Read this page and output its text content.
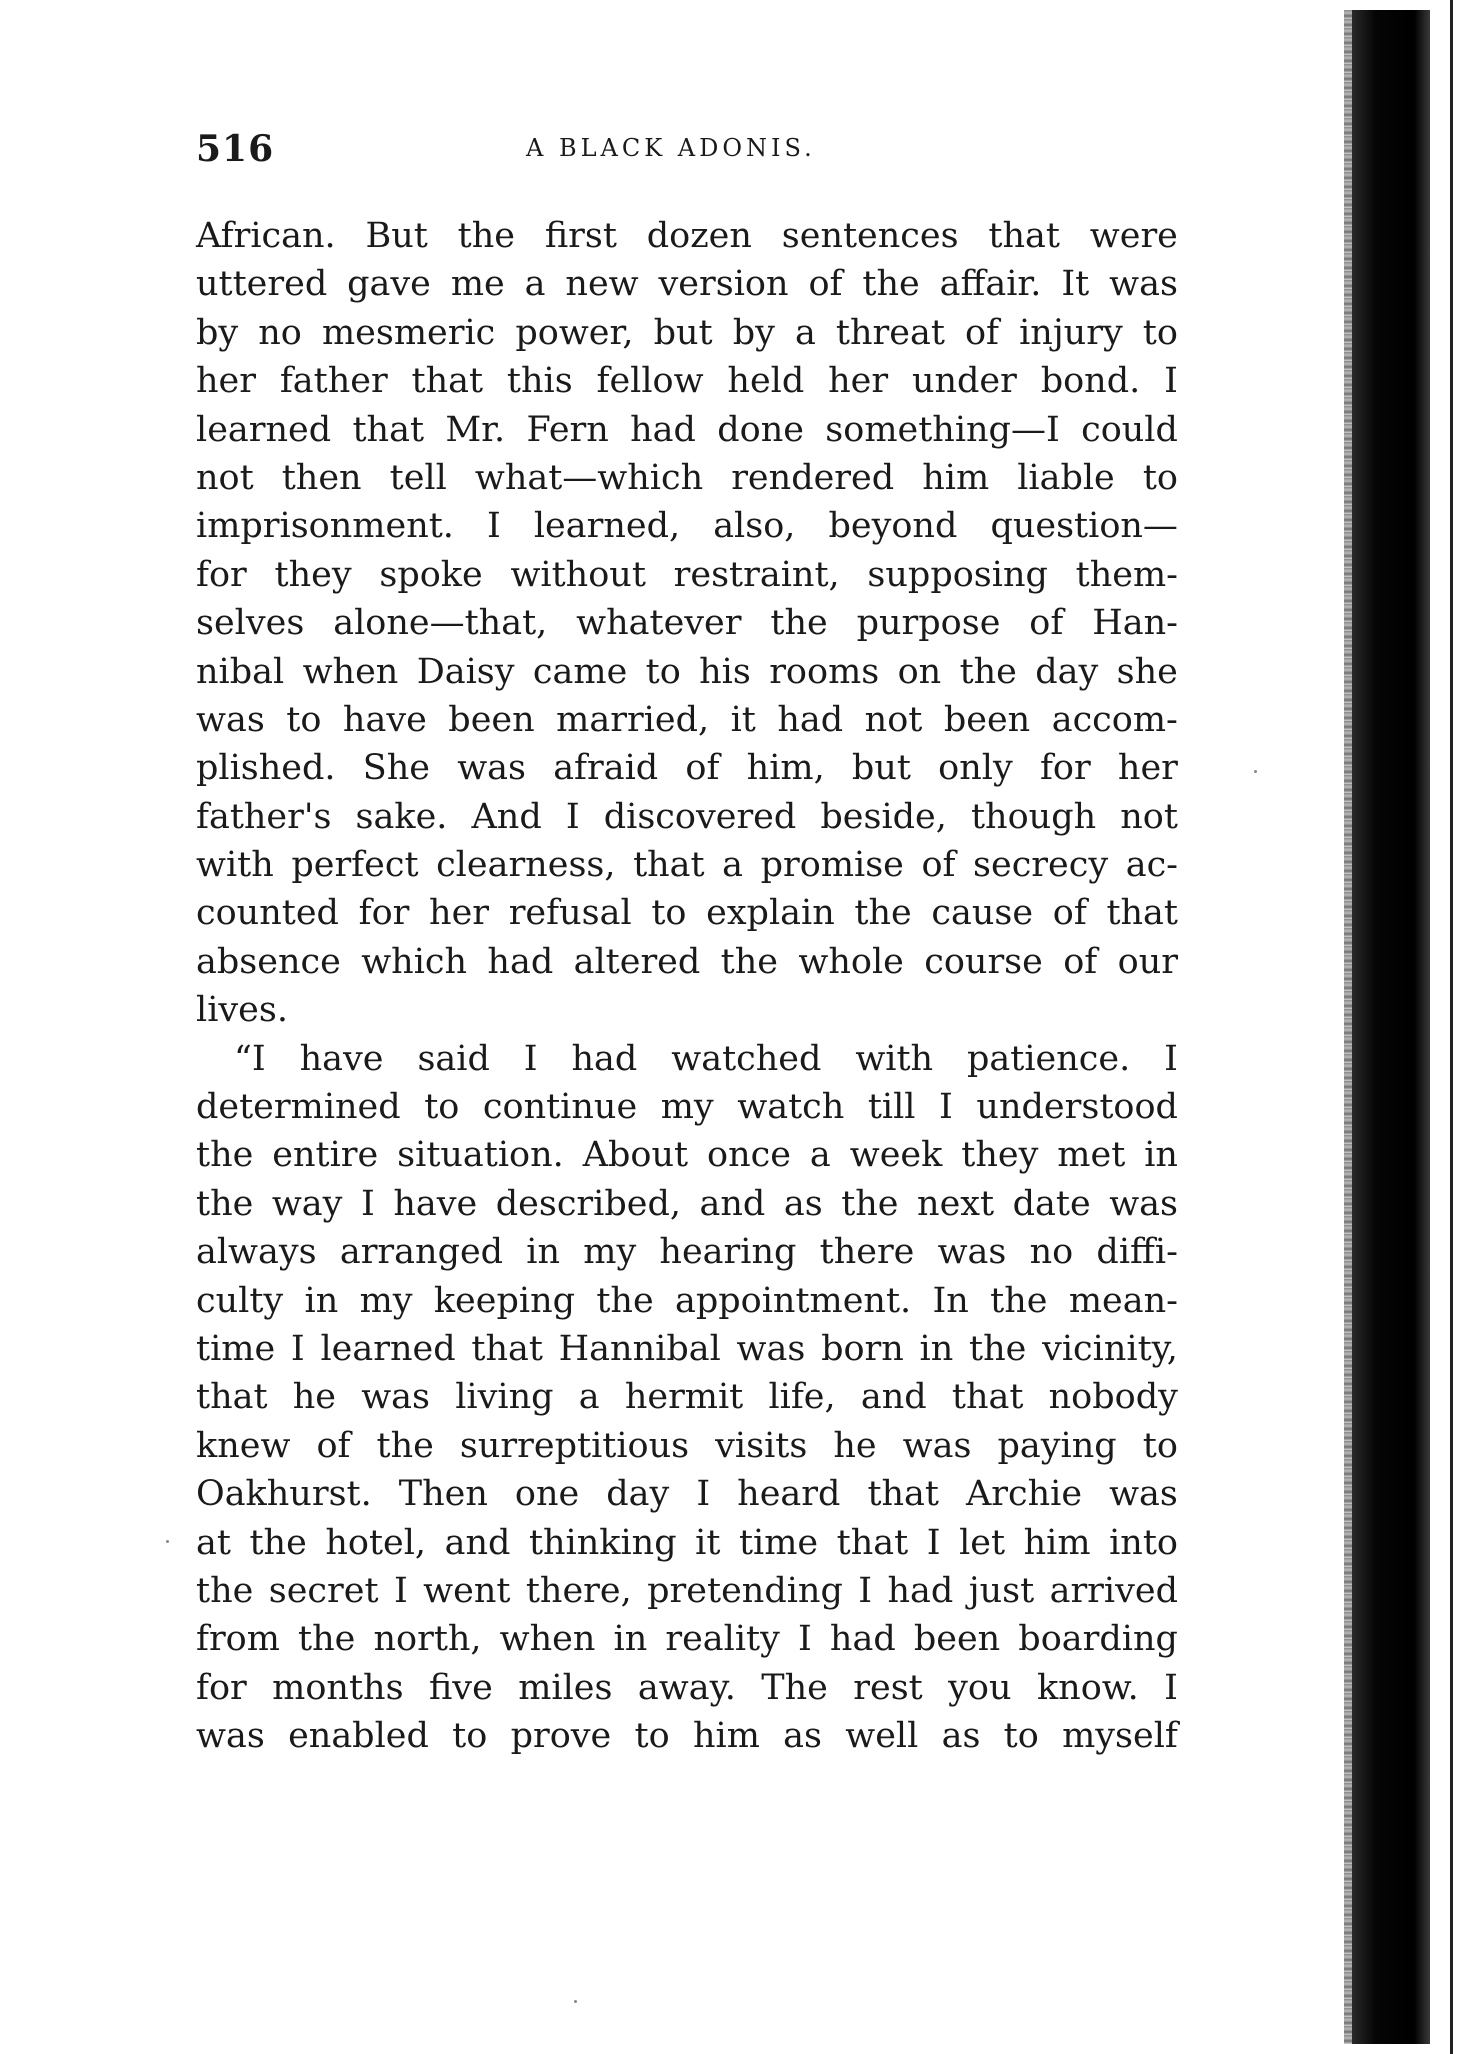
516	A BLACK ADONIS.
African. But the first dozen sentences that were
uttered gave me a new version of the affair. It was
by no mesmeric power, but by a threat of injury to
her father that this fellow held her under bond. I
learned that Mr. Fern had done something—I could
not then tell what—which rendered him liable to
imprisonment. I learned, also, beyond question—
for they spoke without restraint, supposing them-
selves alone—that, whatever the purpose of Han-
nibal when Daisy came to his rooms on the day she
was to have been married, it had not been accom-
plished. She was afraid of him, but only for her
father's sake. And I discovered beside, though not
with perfect clearness, that a promise of secrecy ac-
counted for her refusal to explain the cause of that
absence which had altered the whole course of our
lives.
“I have said I had watched with patience. I
determined to continue my watch till I understood
the entire situation. About once a week they met in
the way I have described, and as the next date was
always arranged in my hearing there was no diffi-
culty in my keeping the appointment. In the mean-
time I learned that Hannibal was born in the vicinity,
that he was living a hermit life, and that nobody
knew of the surreptitious visits he was paying to
Oakhurst. Then one day I heard that Archie was
at the hotel, and thinking it time that I let him into
the secret I went there, pretending I had just arrived
from the north, when in reality I had been boarding
for months five miles away. The rest you know. I
was enabled to prove to him as well as to myself
